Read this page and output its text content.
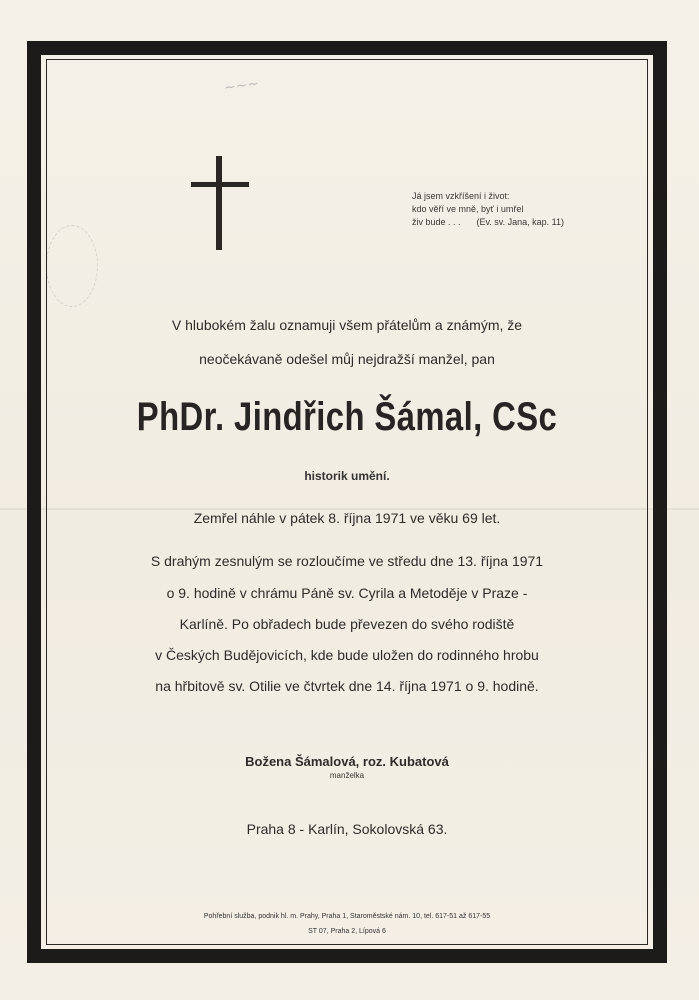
~~~
Já jsem vzkříšení i život:
kdo věří ve mně, byť i umřel
živ bude . . .	(Ev. sv. Jana, kap. 11)
V hlubokém žalu oznamuji všem přátelům a známým, že
neočekávaně odešel můj nejdražší manžel, pan
PhDr. Jindřich Šámal, CSc
historik umění.
Zemřel náhle v pátek 8. října 1971 ve věku 69 let.
S drahým zesnulým se rozloučíme ve středu dne 13. října 1971
o 9. hodině v chrámu Páně sv. Cyrila a Metoděje v Praze -
Karlíně. Po obřadech bude převezen do svého rodiště
v Českých Budějovicích, kde bude uložen do rodinného hrobu
na hřbitově sv. Otilie ve čtvrtek dne 14. října 1971 o 9. hodině.
Božena Šámalová, roz. Kubatová
manželka
Praha 8 - Karlín, Sokolovská 63.
Pohřební služba, podnik hl. m. Prahy, Praha 1, Staroměstské nám. 10, tel. 617-51 až 617-55
ST 07, Praha 2, Lípová 6
